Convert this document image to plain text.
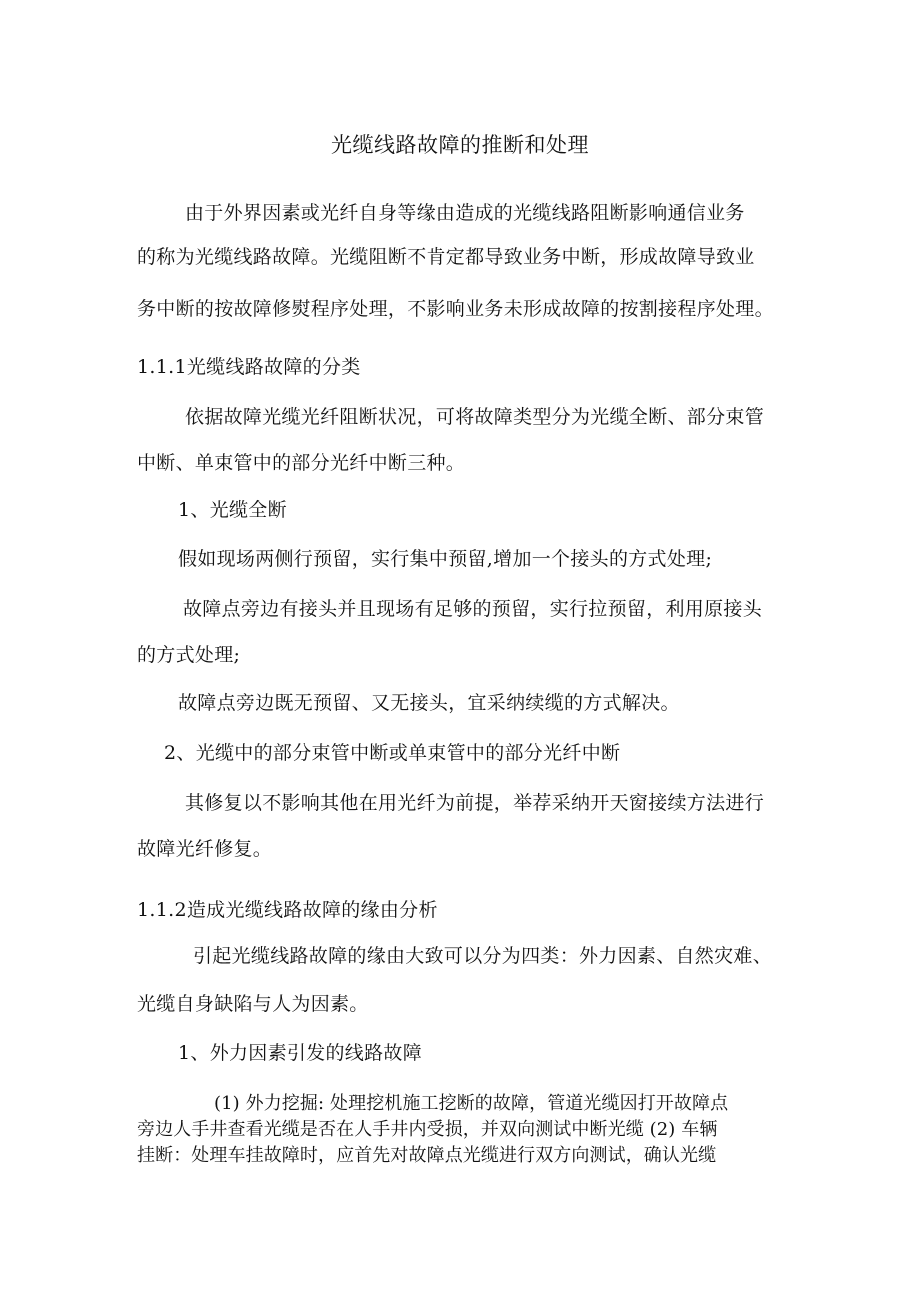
光缆线路故障的推断和处理
由于外界因素或光纤自身等缘由造成的光缆线路阻断影响通信业务
的称为光缆线路故障。光缆阻断不肯定都导致业务中断，形成故障导致业
务中断的按故障修熨程序处理，不影响业务未形成故障的按割接程序处理。
1.1.1光缆线路故障的分类
依据故障光缆光纤阻断状况，可将故障类型分为光缆全断、部分束管
中断、单束管中的部分光纤中断三种。
1、光缆全断
假如现场两侧行预留，实行集中预留,增加一个接头的方式处理;
故障点旁边有接头并且现场有足够的预留，实行拉预留，利用原接头
的方式处理;
故障点旁边既无预留、又无接头，宜采纳续缆的方式解决。
2、光缆中的部分束管中断或单束管中的部分光纤中断
其修复以不影响其他在用光纤为前提，举荐采纳开天窗接续方法进行
故障光纤修复。
1.1.2造成光缆线路故障的缘由分析
引起光缆线路故障的缘由大致可以分为四类：外力因素、自然灾难、
光缆自身缺陷与人为因素。
1、外力因素引发的线路故障
(1) 外力挖掘: 处理挖机施工挖断的故障，管道光缆因打开故障点
旁边人手井查看光缆是否在人手井内受损，并双向测试中断光缆 (2) 车辆
挂断：处理车挂故障时，应首先对故障点光缆进行双方向测试，确认光缆
